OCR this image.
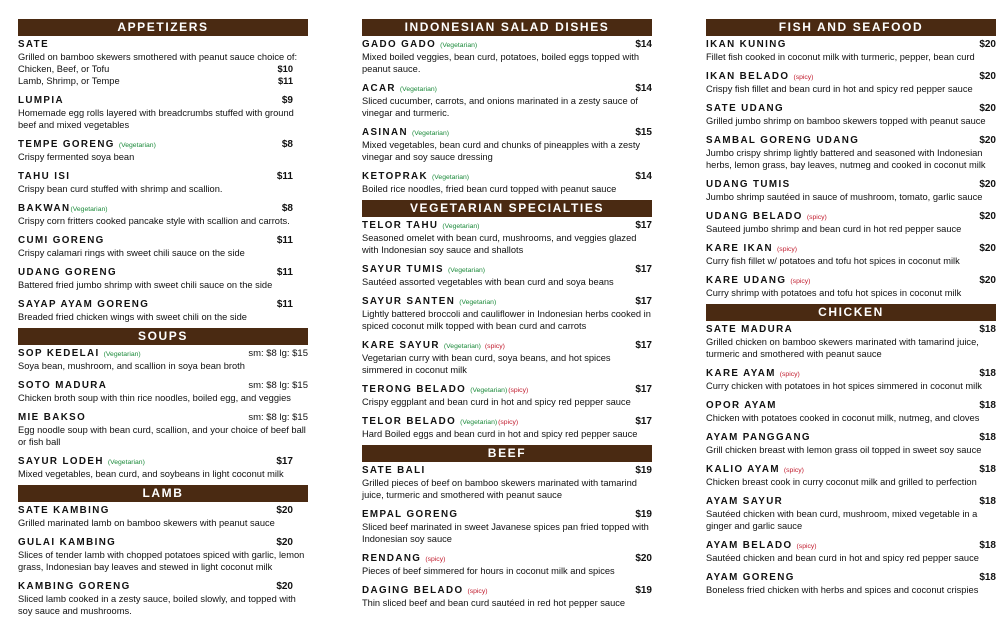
APPETIZERS
SATE
Grilled on bamboo skewers smothered with peanut sauce choice of:
Chicken, Beef, or Tofu	$10
Lamb, Shrimp, or Tempe	$11
LUMPIA	$9
Homemade egg rolls layered with breadcrumbs stuffed with ground beef and mixed vegetables
TEMPE GORENG (Vegetarian)	$8
Crispy fermented soya bean
TAHU ISI	$11
Crispy bean curd stuffed with shrimp and scallion.
BAKWAN(Vegetarian)	$8
Crispy corn fritters cooked pancake style with scallion and carrots.
CUMI GORENG	$11
Crispy calamari rings with sweet chili sauce on the side
UDANG GORENG	$11
Battered fried jumbo shrimp with sweet chili sauce on the side
SAYAP AYAM GORENG	$11
Breaded fried chicken wings with sweet chili on the side
SOUPS
SOP KEDELAI (Vegetarian)	sm: $8 lg: $15
Soya bean, mushroom, and scallion in soya bean broth
SOTO MADURA	sm: $8 lg: $15
Chicken broth soup with thin rice noodles, boiled egg, and veggies
MIE BAKSO	sm: $8 lg: $15
Egg noodle soup with bean curd, scallion, and your choice of beef ball or fish ball
SAYUR LODEH (Vegetarian)	$17
Mixed vegetables, bean curd, and soybeans in light coconut milk
LAMB
SATE KAMBING	$20
Grilled marinated lamb on bamboo skewers with peanut sauce
GULAI KAMBING	$20
Slices of tender lamb with chopped potatoes spiced with garlic, lemon grass, Indonesian bay leaves and stewed in light coconut milk
KAMBING GORENG	$20
Sliced lamb cooked in a zesty sauce, boiled slowly, and topped with soy sauce and mushrooms.
INDONESIAN SALAD DISHES
GADO GADO (Vegetarian)	$14
Mixed boiled veggies, bean curd, potatoes, boiled eggs topped with peanut sauce.
ACAR (Vegetarian)	$14
Sliced cucumber, carrots, and onions marinated in a zesty sauce of vinegar and turmeric.
ASINAN (Vegetarian)	$15
Mixed vegetables, bean curd and chunks of pineapples with a zesty vinegar and soy sauce dressing
KETOPRAK (Vegetarian)	$14
Boiled rice noodles, fried bean curd topped with peanut sauce
VEGETARIAN SPECIALTIES
TELOR TAHU (Vegetarian)	$17
Seasoned omelet with bean curd, mushrooms, and veggies glazed with Indonesian soy sauce and shallots
SAYUR TUMIS (Vegetarian)	$17
Sautéed assorted vegetables with bean curd and soya beans
SAYUR SANTEN (Vegetarian)	$17
Lightly battered broccoli and cauliflower in Indonesian herbs cooked in spiced coconut milk topped with bean curd and carrots
KARE SAYUR (Vegetarian) (spicy)	$17
Vegetarian curry with bean curd, soya beans, and hot spices simmered in coconut milk
TERONG BELADO (Vegetarian)(spicy)	$17
Crispy eggplant and bean curd in hot and spicy red pepper sauce
TELOR BELADO (Vegetarian)(spicy)	$17
Hard Boiled eggs and bean curd in hot and spicy red pepper sauce
BEEF
SATE BALI	$19
Grilled pieces of beef on bamboo skewers marinated with tamarind juice, turmeric and smothered with peanut sauce
EMPAL GORENG	$19
Sliced beef marinated in sweet Javanese spices pan fried topped with Indonesian soy sauce
RENDANG (spicy)	$20
Pieces of beef simmered for hours in coconut milk and spices
DAGING BELADO (spicy)	$19
Thin sliced beef and bean curd sautéed in red hot pepper sauce
FISH AND SEAFOOD
IKAN KUNING	$20
Fillet fish cooked in coconut milk with turmeric, pepper, bean curd
IKAN BELADO (spicy)	$20
Crispy fish fillet and bean curd in hot and spicy red pepper sauce
SATE UDANG	$20
Grilled jumbo shrimp on bamboo skewers topped with peanut sauce
SAMBAL GORENG UDANG	$20
Jumbo crispy shrimp lightly battered and seasoned with Indonesian herbs, lemon grass, bay leaves, nutmeg and cooked in coconut milk
UDANG TUMIS	$20
Jumbo shrimp sautéed in sauce of mushroom, tomato, garlic sauce
UDANG BELADO (spicy)	$20
Sauteed jumbo shrimp and bean curd in hot red pepper sauce
KARE IKAN (spicy)	$20
Curry fish fillet w/ potatoes and tofu hot spices in coconut milk
KARE UDANG (spicy)	$20
Curry shrimp with potatoes and tofu hot spices in coconut milk
CHICKEN
SATE MADURA	$18
Grilled chicken on bamboo skewers marinated with tamarind juice, turmeric and smothered with peanut sauce
KARE AYAM (spicy)	$18
Curry chicken with potatoes in hot spices simmered in coconut milk
OPOR AYAM	$18
Chicken with potatoes cooked in coconut milk, nutmeg, and cloves
AYAM PANGGANG	$18
Grill chicken breast with lemon grass oil topped in sweet soy sauce
KALIO AYAM (spicy)	$18
Chicken breast cook in curry coconut milk and grilled to perfection
AYAM SAYUR	$18
Sautéed chicken with bean curd, mushroom, mixed vegetable in a ginger and garlic sauce
AYAM BELADO (spicy)	$18
Sautéed chicken and bean curd in hot and spicy red pepper sauce
AYAM GORENG	$18
Boneless fried chicken with herbs and spices and coconut crispies
